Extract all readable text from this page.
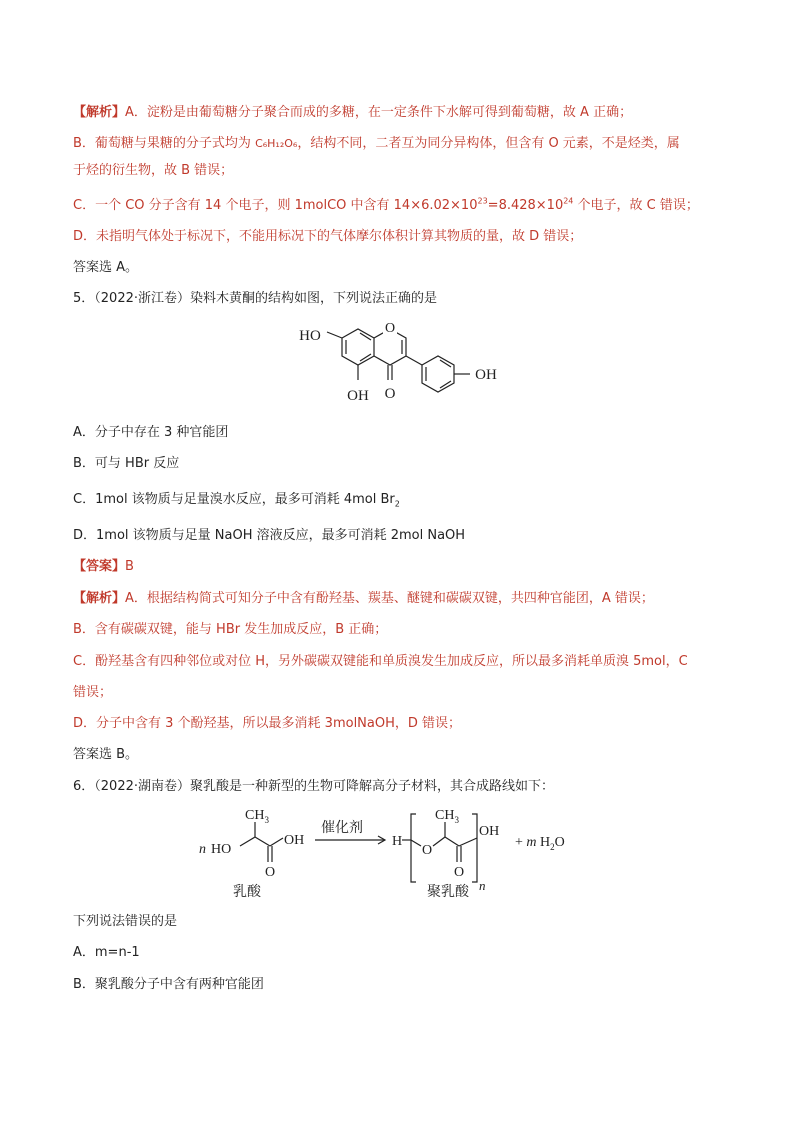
【解析】A．淀粉是由葡萄糖分子聚合而成的多糖，在一定条件下水解可得到葡萄糖，故 A 正确；
B．葡萄糖与果糖的分子式均为 C₆H₁₂O₆，结构不同，二者互为同分异构体，但含有 O 元素，不是烃类，属
于烃的衍生物，故 B 错误；
C．一个 CO 分子含有 14 个电子，则 1molCO 中含有 $14\times 6.02\times 10^{23}=8.428\times 10^{24}$ 个电子，故 C 错误；
D．未指明气体处于标况下，不能用标况下的气体摩尔体积计算其物质的量，故 D 错误；
答案选 A。
5．（2022·浙江卷）染料木黄酮的结构如图，下列说法正确的是
O
HO
OH O
OH
A．分子中存在 3 种官能团
B．可与 HBr 反应
C．1mol 该物质与足量溴水反应，最多可消耗 4mol $Br_2$
D．1mol 该物质与足量 NaOH 溶液反应，最多可消耗 2mol NaOH
【答案】B
【解析】A．根据结构简式可知分子中含有酚羟基、羰基、醚键和碳碳双键，共四种官能团，A 错误；
B．含有碳碳双键，能与 HBr 发生加成反应，B 正确；
C．酚羟基含有四种邻位或对位 H，另外碳碳双键能和单质溴发生加成反应，所以最多消耗单质溴 5mol，C
错误；
D．分子中含有 3 个酚羟基，所以最多消耗 3molNaOH，D 错误；
答案选 B。
6．（2022·湖南卷）聚乳酸是一种新型的生物可降解高分子材料，其合成路线如下：
n HO
$CH_3$
OH
O
催化剂
H
O
$CH_3$
OH
O
n
+ m $H_2O$
乳酸	聚乳酸
下列说法错误的是
A．m=n-1
B．聚乳酸分子中含有两种官能团
